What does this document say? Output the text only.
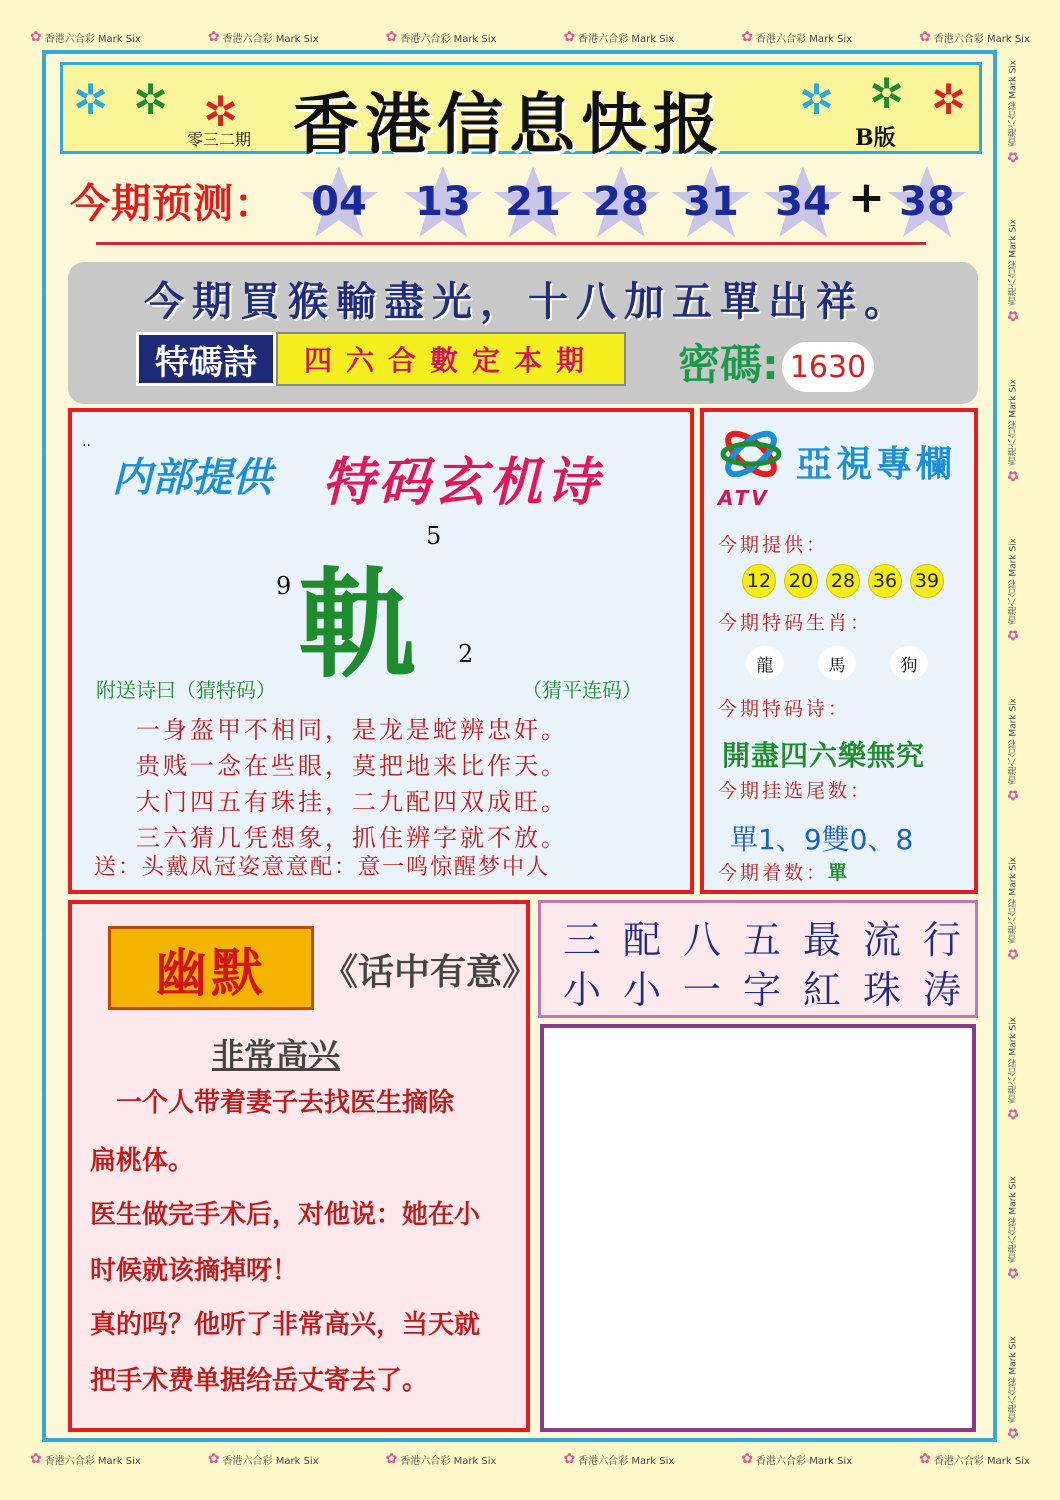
✿ 香港六合彩 Mark Six	✿ 香港六合彩 Mark Six	✿ 香港六合彩 Mark Six	✿ 香港六合彩 Mark Six	✿ 香港六合彩 Mark Six	✿ 香港六合彩 Mark Six
✿ 香港六合彩 Mark Six	✿ 香港六合彩 Mark Six	✿ 香港六合彩 Mark Six	✿ 香港六合彩 Mark Six	✿ 香港六合彩 Mark Six	✿ 香港六合彩 Mark Six
✿
香港六合彩 Mark Six
✿
香港六合彩 Mark Six
✿
香港六合彩 Mark Six
✿
香港六合彩 Mark Six
✿
香港六合彩 Mark Six
✿
香港六合彩 Mark Six
✿
香港六合彩 Mark Six
✿
香港六合彩 Mark Six
✿
香港六合彩 Mark Six
✲ ✲ ✲	✲ ✲ ✲
香港信息快报
零三二期	B版
今期预测： 04 13 21 28 31 34 + 38
今期買猴輸盡光，十八加五單出祥。
特碼詩	四六合數定本期	密碼: 1630
..
内部提供 特码玄机诗
軌
5
9
2
附送诗曰（猜特码）	（猜平连码）
一身盔甲不相同，是龙是蛇辨忠奸。
贵贱一念在些眼，莫把地来比作天。
大门四五有珠挂，二九配四双成旺。
三六猜几凭想象，抓住辨字就不放。
送：头戴凤冠姿意意配：意一鸣惊醒梦中人
ATV
亞視專欄
今期提供：
12 20 28 36 39
今期特码生肖：
龍	馬	狗
今期特码诗：
開盡四六樂無究
今期挂选尾数：
單1、9雙0、8
今期着数：單
幽默	《话中有意》
非常高兴
　一个人带着妻子去找医生摘除
扁桃体。
医生做完手术后，对他说：她在小
时候就该摘掉呀！
真的吗？他听了非常高兴，当天就
把手术费单据给岳丈寄去了。
三配八五最流行
小小一字紅珠涛
